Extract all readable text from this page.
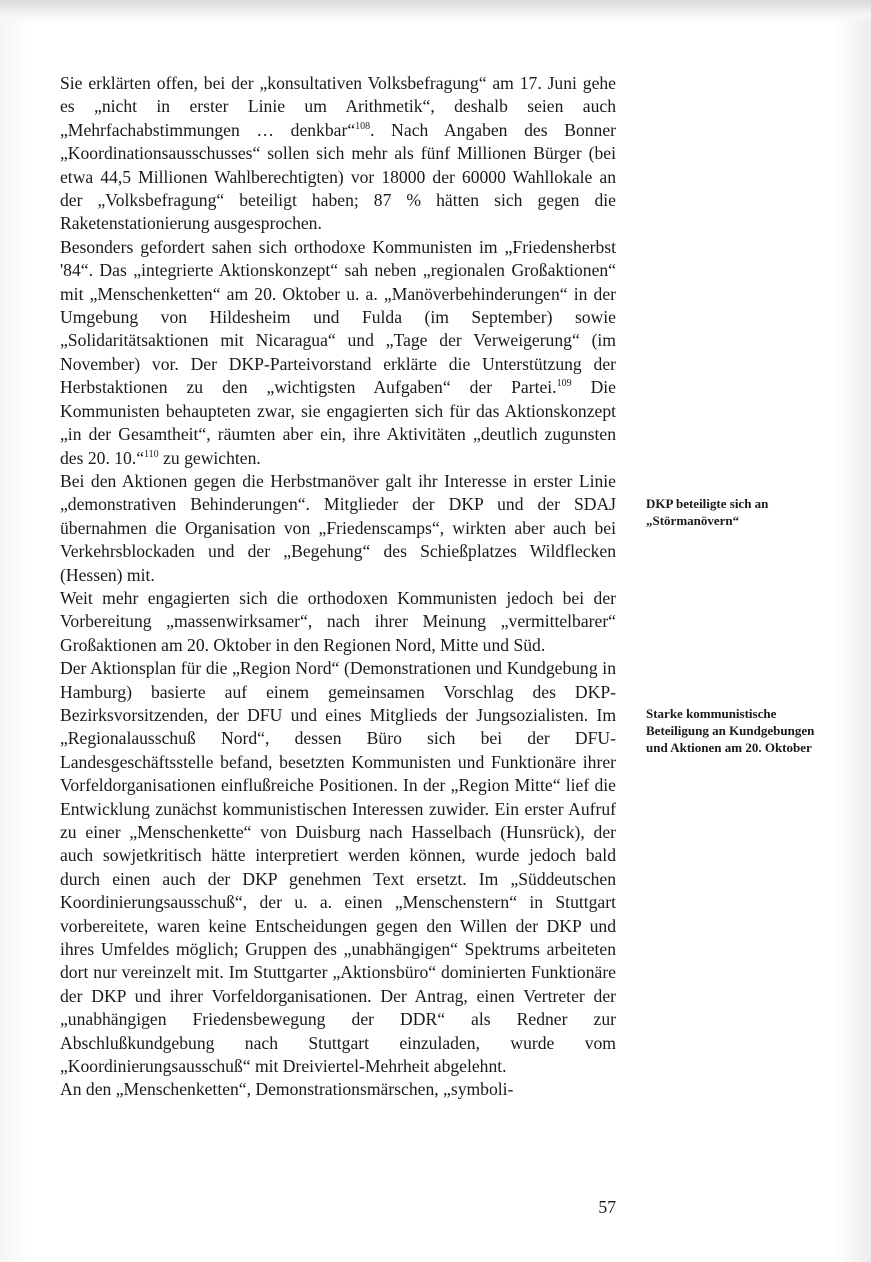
Sie erklärten offen, bei der „konsultativen Volksbefragung“ am 17. Juni gehe es „nicht in erster Linie um Arithmetik“, deshalb seien auch „Mehrfachabstimmungen … denkbar“$^{108}$. Nach Angaben des Bonner „Koordinationsausschusses“ sollen sich mehr als fünf Millionen Bürger (bei etwa 44,5 Millionen Wahlberechtigten) vor 18000 der 60000 Wahllokale an der „Volksbefragung“ beteiligt haben; 87 % hätten sich gegen die Raketenstationierung ausgesprochen.

Besonders gefordert sahen sich orthodoxe Kommunisten im „Friedensherbst '84“. Das „integrierte Aktionskonzept“ sah neben „regionalen Großaktionen“ mit „Menschenketten“ am 20. Oktober u. a. „Manöverbehinderungen“ in der Umgebung von Hildesheim und Fulda (im September) sowie „Solidaritätsaktionen mit Nicaragua“ und „Tage der Verweigerung“ (im November) vor. Der DKP-Parteivorstand erklärte die Unterstützung der Herbstaktionen zu den „wichtigsten Aufgaben“ der Partei.$^{109}$ Die Kommunisten behaupteten zwar, sie engagierten sich für das Aktionskonzept „in der Gesamtheit“, räumten aber ein, ihre Aktivitäten „deutlich zugunsten des 20. 10.“$^{110}$ zu gewichten.

Bei den Aktionen gegen die Herbstmanöver galt ihr Interesse in erster Linie „demonstrativen Behinderungen“. Mitglieder der DKP und der SDAJ übernahmen die Organisation von „Friedenscamps“, wirkten aber auch bei Verkehrsblockaden und der „Begehung“ des Schießplatzes Wildflecken (Hessen) mit.

Weit mehr engagierten sich die orthodoxen Kommunisten jedoch bei der Vorbereitung „massenwirksamer“, nach ihrer Meinung „vermittelbarer“ Großaktionen am 20. Oktober in den Regionen Nord, Mitte und Süd.

Der Aktionsplan für die „Region Nord“ (Demonstrationen und Kundgebung in Hamburg) basierte auf einem gemeinsamen Vorschlag des DKP-Bezirksvorsitzenden, der DFU und eines Mitglieds der Jungsozialisten. Im „Regionalausschuß Nord“, dessen Büro sich bei der DFU-Landesgeschäftsstelle befand, besetzten Kommunisten und Funktionäre ihrer Vorfeldorganisationen einflußreiche Positionen. In der „Region Mitte“ lief die Entwicklung zunächst kommunistischen Interessen zuwider. Ein erster Aufruf zu einer „Menschenkette“ von Duisburg nach Hasselbach (Hunsrück), der auch sowjetkritisch hätte interpretiert werden können, wurde jedoch bald durch einen auch der DKP genehmen Text ersetzt. Im „Süddeutschen Koordinierungsausschuß“, der u. a. einen „Menschenstern“ in Stuttgart vorbereitete, waren keine Entscheidungen gegen den Willen der DKP und ihres Umfeldes möglich; Gruppen des „unabhängigen“ Spektrums arbeiteten dort nur vereinzelt mit. Im Stuttgarter „Aktionsbüro“ dominierten Funktionäre der DKP und ihrer Vorfeldorganisationen. Der Antrag, einen Vertreter der „unabhängigen Friedensbewegung der DDR“ als Redner zur Abschlußkundgebung nach Stuttgart einzuladen, wurde vom „Koordinierungsausschuß“ mit Dreiviertel-Mehrheit abgelehnt.

An den „Menschenketten“, Demonstrationsmärschen, „symboli-

DKP beteiligte sich an „Störmanövern“
Starke kommunistische Beteiligung an Kundgebungen und Aktionen am 20. Oktober
57
